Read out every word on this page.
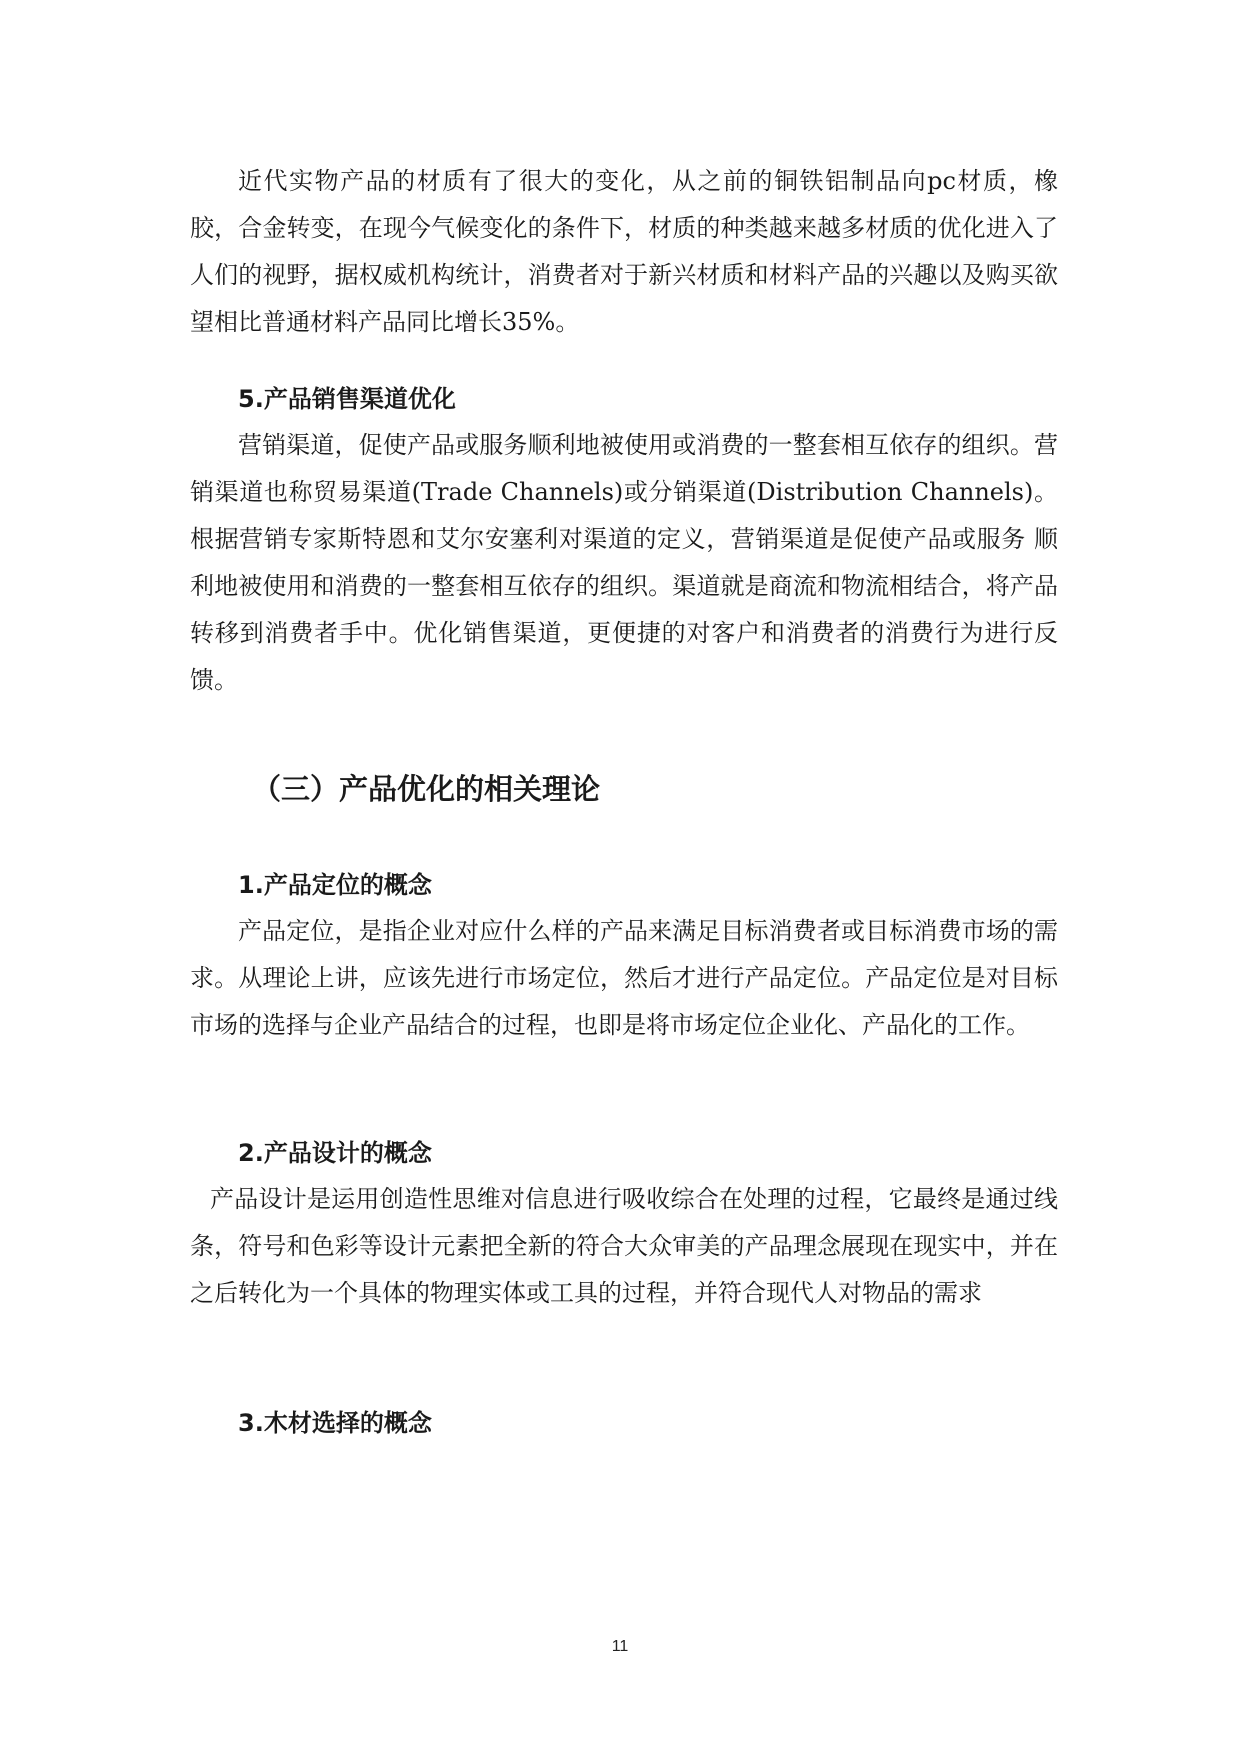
近代实物产品的材质有了很大的变化，从之前的铜铁铝制品向pc材质，橡胶，合金转变，在现今气候变化的条件下，材质的种类越来越多材质的优化进入了人们的视野，据权威机构统计，消费者对于新兴材质和材料产品的兴趣以及购买欲望相比普通材料产品同比增长35%。

5.产品销售渠道优化

营销渠道，促使产品或服务顺利地被使用或消费的一整套相互依存的组织。营销渠道也称贸易渠道(Trade Channels)或分销渠道(Distribution Channels)。 根据营销专家斯特恩和艾尔安塞利对渠道的定义，营销渠道是促使产品或服务 顺利地被使用和消费的一整套相互依存的组织。渠道就是商流和物流相结合，将产品转移到消费者手中。优化销售渠道，更便捷的对客户和消费者的消费行为进行反馈。

（三）产品优化的相关理论
1.产品定位的概念

产品定位，是指企业对应什么样的产品来满足目标消费者或目标消费市场的需求。从理论上讲，应该先进行市场定位，然后才进行产品定位。产品定位是对目标市场的选择与企业产品结合的过程，也即是将市场定位企业化、产品化的工作。

2.产品设计的概念

产品设计是运用创造性思维对信息进行吸收综合在处理的过程，它最终是通过线条，符号和色彩等设计元素把全新的符合大众审美的产品理念展现在现实中，并在之后转化为一个具体的物理实体或工具的过程，并符合现代人对物品的需求

3.木材选择的概念
11
